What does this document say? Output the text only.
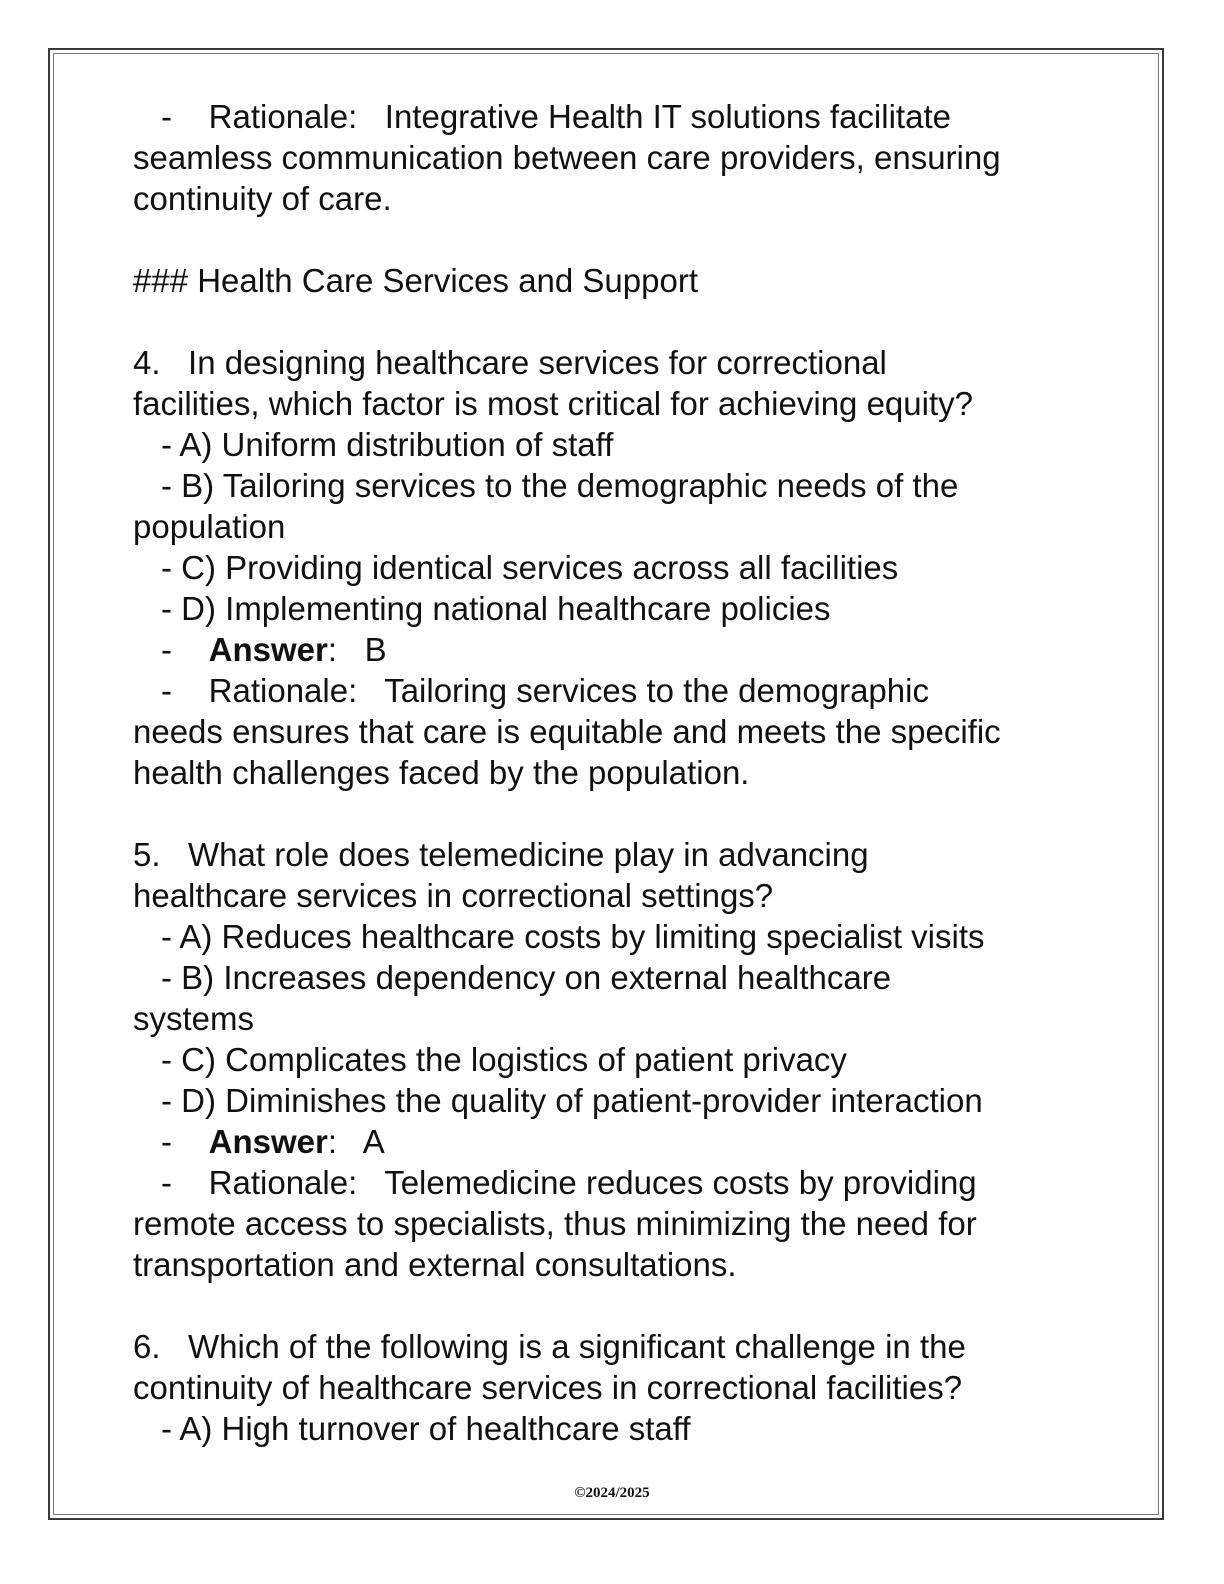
-    Rationale: Integrative Health IT solutions facilitate
seamless communication between care providers, ensuring
continuity of care.
### Health Care Services and Support
4.   In designing healthcare services for correctional
facilities, which factor is most critical for achieving equity?
- A) Uniform distribution of staff
- B) Tailoring services to the demographic needs of the
population
- C) Providing identical services across all facilities
- D) Implementing national healthcare policies
-    Answer:   B
-    Rationale: Tailoring services to the demographic
needs ensures that care is equitable and meets the specific
health challenges faced by the population.
5.   What role does telemedicine play in advancing
healthcare services in correctional settings?
- A) Reduces healthcare costs by limiting specialist visits
- B) Increases dependency on external healthcare
systems
- C) Complicates the logistics of patient privacy
- D) Diminishes the quality of patient-provider interaction
-    Answer:   A
-    Rationale: Telemedicine reduces costs by providing
remote access to specialists, thus minimizing the need for
transportation and external consultations.
6.   Which of the following is a significant challenge in the
continuity of healthcare services in correctional facilities?
- A) High turnover of healthcare staff
©2024/2025
